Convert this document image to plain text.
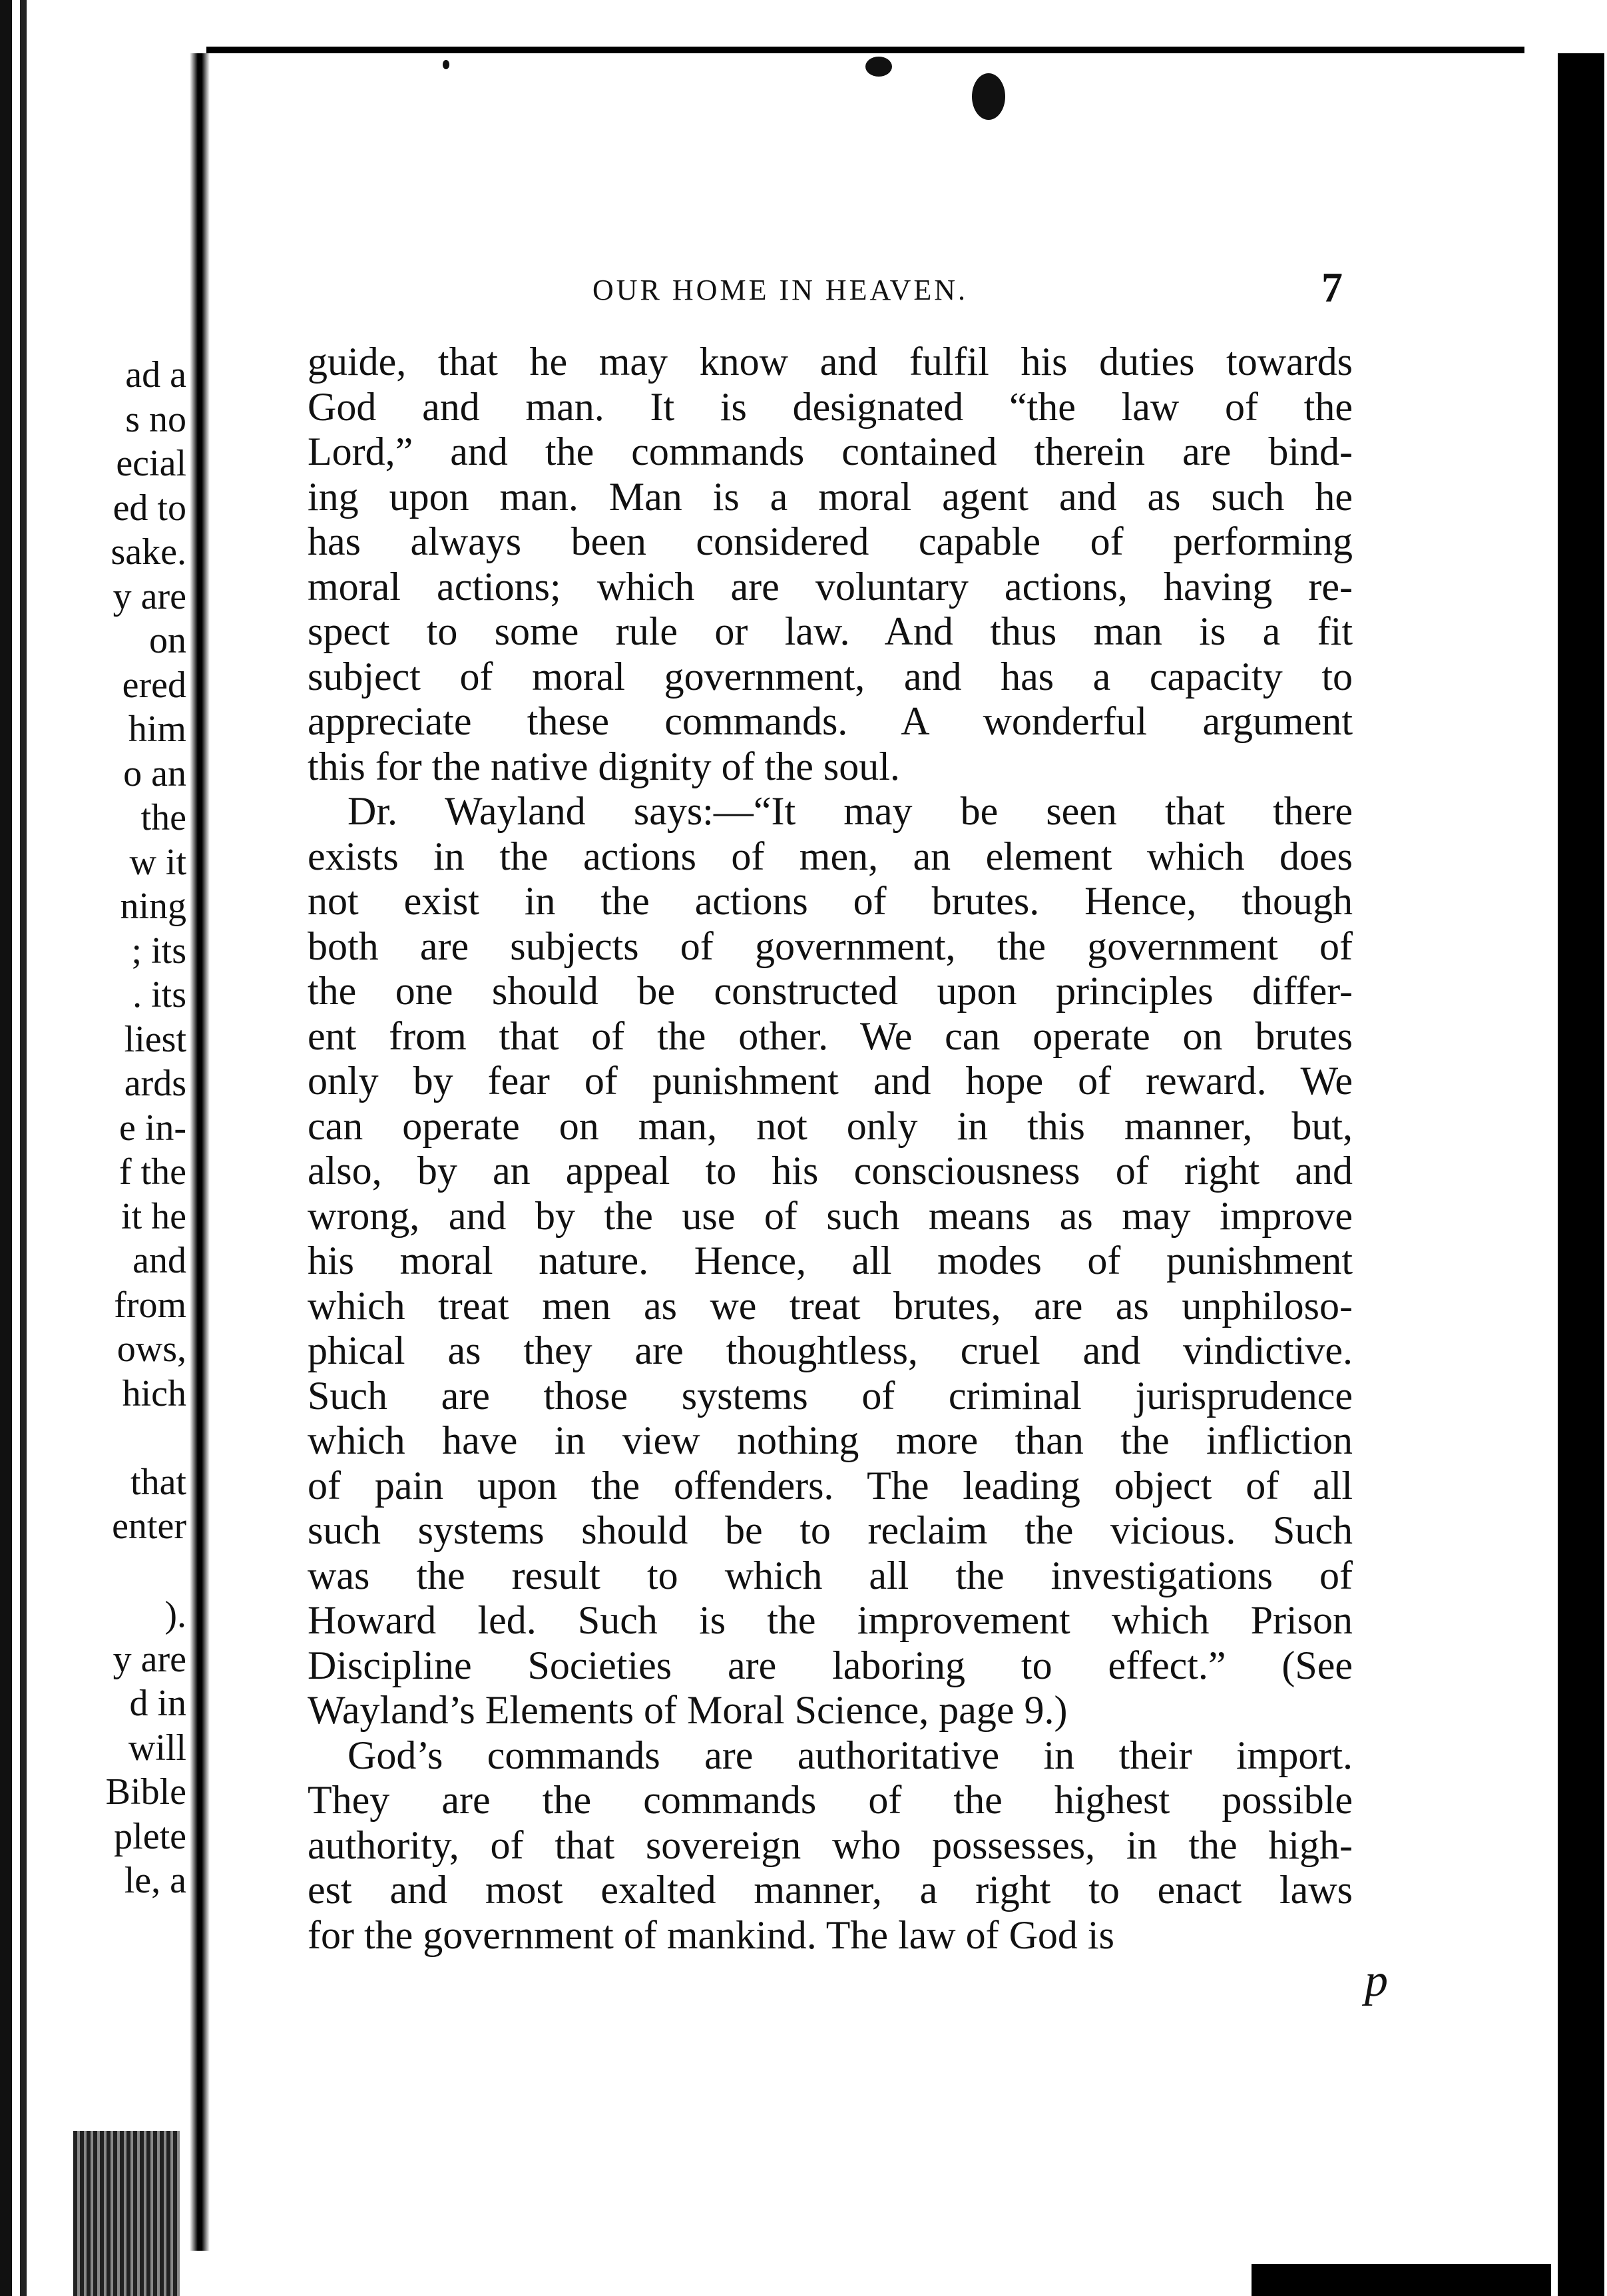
ad a
s no
ecial
ed to
sake.
y are
on
ered
him
o an
the
w it
ning
; its
. its
liest
ards
e in-
f the
it he
and
from
ows,
hich
that
enter
).
y are
d in
will
Bible
plete
le, a
OUR HOME IN HEAVEN.	7
guide, that he may know and fulfil his duties towards
God and man. It is designated “the law of the
Lord,” and the commands contained therein are bind-
ing upon man. Man is a moral agent and as such he
has always been considered capable of performing
moral actions; which are voluntary actions, having re-
spect to some rule or law. And thus man is a fit
subject of moral government, and has a capacity to
appreciate these commands. A wonderful argument
this for the native dignity of the soul.
Dr. Wayland says:—“It may be seen that there
exists in the actions of men, an element which does
not exist in the actions of brutes. Hence, though
both are subjects of government, the government of
the one should be constructed upon principles differ-
ent from that of the other. We can operate on brutes
only by fear of punishment and hope of reward. We
can operate on man, not only in this manner, but,
also, by an appeal to his consciousness of right and
wrong, and by the use of such means as may improve
his moral nature. Hence, all modes of punishment
which treat men as we treat brutes, are as unphiloso-
phical as they are thoughtless, cruel and vindictive.
Such are those systems of criminal jurisprudence
which have in view nothing more than the infliction
of pain upon the offenders. The leading object of all
such systems should be to reclaim the vicious. Such
was the result to which all the investigations of
Howard led. Such is the improvement which Prison
Discipline Societies are laboring to effect.” (See
Wayland’s Elements of Moral Science, page 9.)
God’s commands are authoritative in their import.
They are the commands of the highest possible
authority, of that sovereign who possesses, in the high-
est and most exalted manner, a right to enact laws
for the government of mankind. The law of God is
p
